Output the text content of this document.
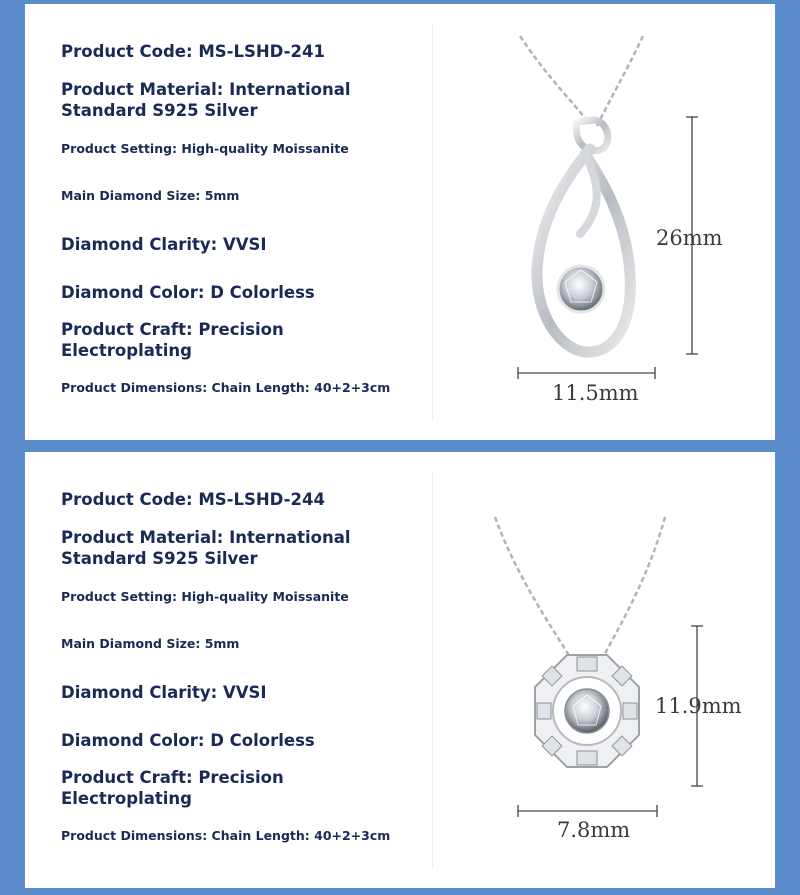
Product Code: MS-LSHD-241
Product Material: International Standard S925 Silver
Product Setting: High-quality Moissanite
Main Diamond Size: 5mm
Diamond Clarity: VVSI
Diamond Color: D Colorless
Product Craft: Precision Electroplating
Product Dimensions: Chain Length: 40+2+3cm
26mm
11.5mm
Product Code: MS-LSHD-244
Product Material: International Standard S925 Silver
Product Setting: High-quality Moissanite
Main Diamond Size: 5mm
Diamond Clarity: VVSI
Diamond Color: D Colorless
Product Craft: Precision Electroplating
Product Dimensions: Chain Length: 40+2+3cm
11.9mm
7.8mm
